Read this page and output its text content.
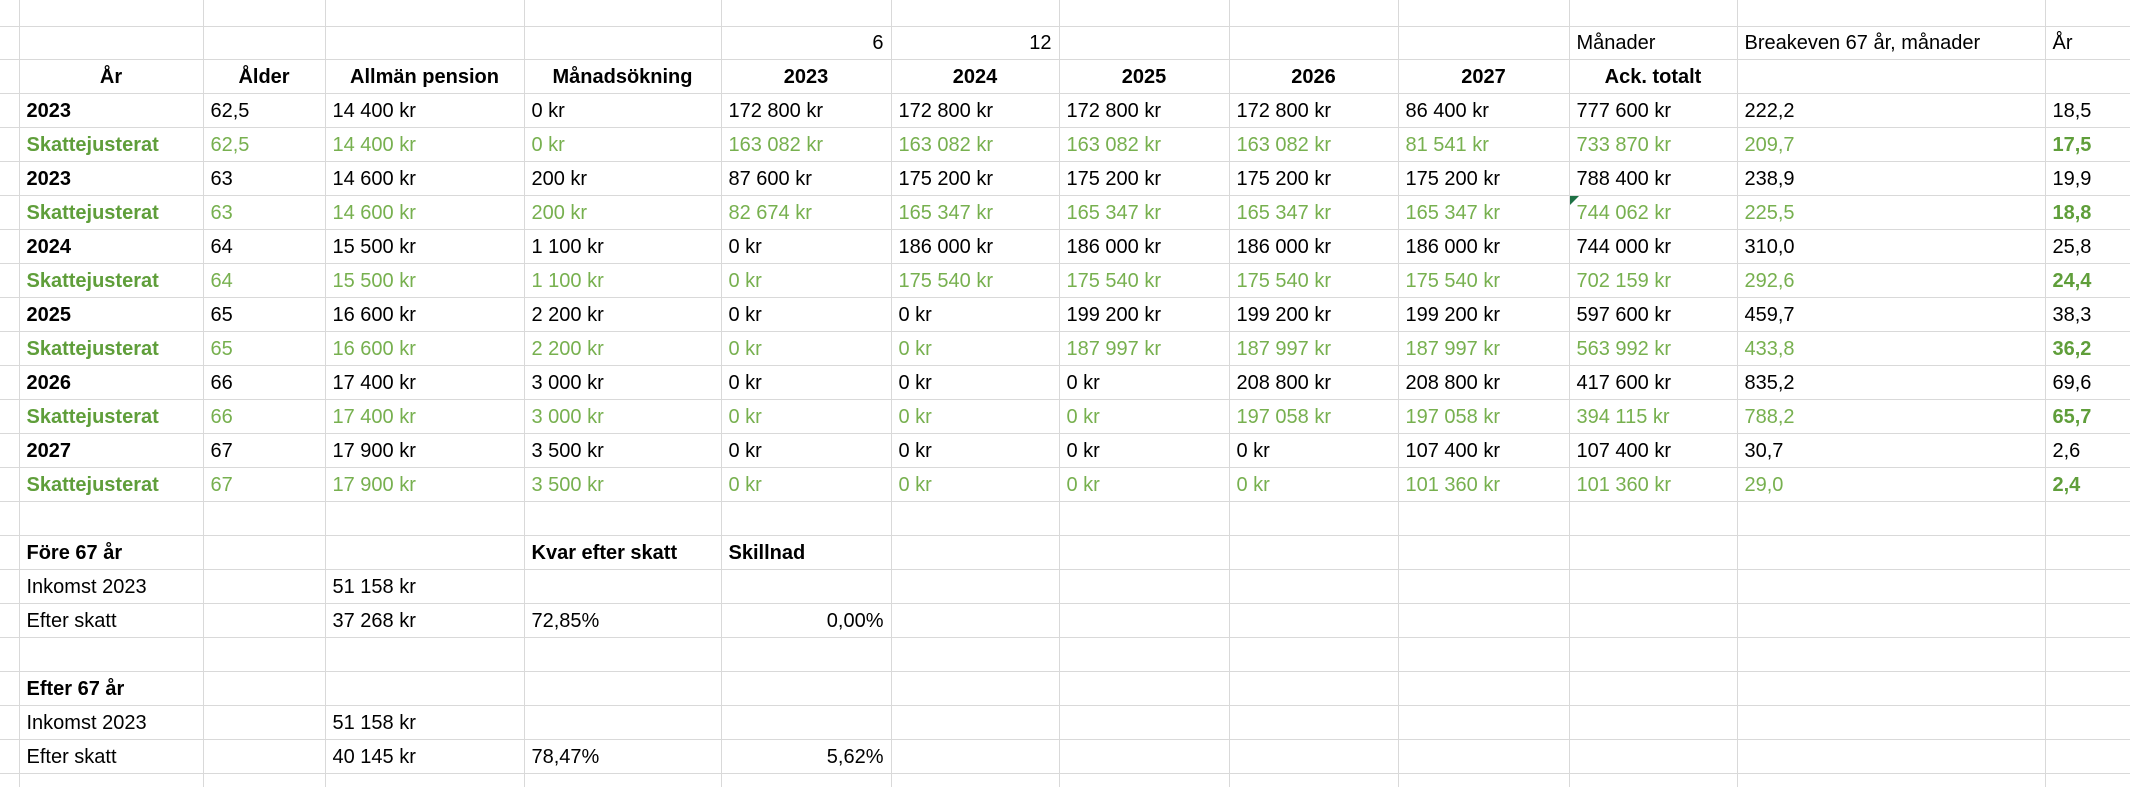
					6	12				Månader	Breakeven 67 år, månader	År
	År	Ålder	Allmän pension	Månadsökning	2023	2024	2025	2026	2027	Ack. totalt		
	2023	62,5	14 400 kr	0 kr	172 800 kr	172 800 kr	172 800 kr	172 800 kr	86 400 kr	777 600 kr	222,2	18,5
	Skattejusterat	62,5	14 400 kr	0 kr	163 082 kr	163 082 kr	163 082 kr	163 082 kr	81 541 kr	733 870 kr	209,7	17,5
	2023	63	14 600 kr	200 kr	87 600 kr	175 200 kr	175 200 kr	175 200 kr	175 200 kr	788 400 kr	238,9	19,9
	Skattejusterat	63	14 600 kr	200 kr	82 674 kr	165 347 kr	165 347 kr	165 347 kr	165 347 kr	744 062 kr	225,5	18,8
	2024	64	15 500 kr	1 100 kr	0 kr	186 000 kr	186 000 kr	186 000 kr	186 000 kr	744 000 kr	310,0	25,8
	Skattejusterat	64	15 500 kr	1 100 kr	0 kr	175 540 kr	175 540 kr	175 540 kr	175 540 kr	702 159 kr	292,6	24,4
	2025	65	16 600 kr	2 200 kr	0 kr	0 kr	199 200 kr	199 200 kr	199 200 kr	597 600 kr	459,7	38,3
	Skattejusterat	65	16 600 kr	2 200 kr	0 kr	0 kr	187 997 kr	187 997 kr	187 997 kr	563 992 kr	433,8	36,2
	2026	66	17 400 kr	3 000 kr	0 kr	0 kr	0 kr	208 800 kr	208 800 kr	417 600 kr	835,2	69,6
	Skattejusterat	66	17 400 kr	3 000 kr	0 kr	0 kr	0 kr	197 058 kr	197 058 kr	394 115 kr	788,2	65,7
	2027	67	17 900 kr	3 500 kr	0 kr	0 kr	0 kr	0 kr	107 400 kr	107 400 kr	30,7	2,6
	Skattejusterat	67	17 900 kr	3 500 kr	0 kr	0 kr	0 kr	0 kr	101 360 kr	101 360 kr	29,0	2,4

	Före 67 år			Kvar efter skatt	Skillnad							
	Inkomst 2023		51 158 kr									
	Efter skatt		37 268 kr	72,85%	0,00%							

	Efter 67 år											
	Inkomst 2023		51 158 kr									
	Efter skatt		40 145 kr	78,47%	5,62%							
